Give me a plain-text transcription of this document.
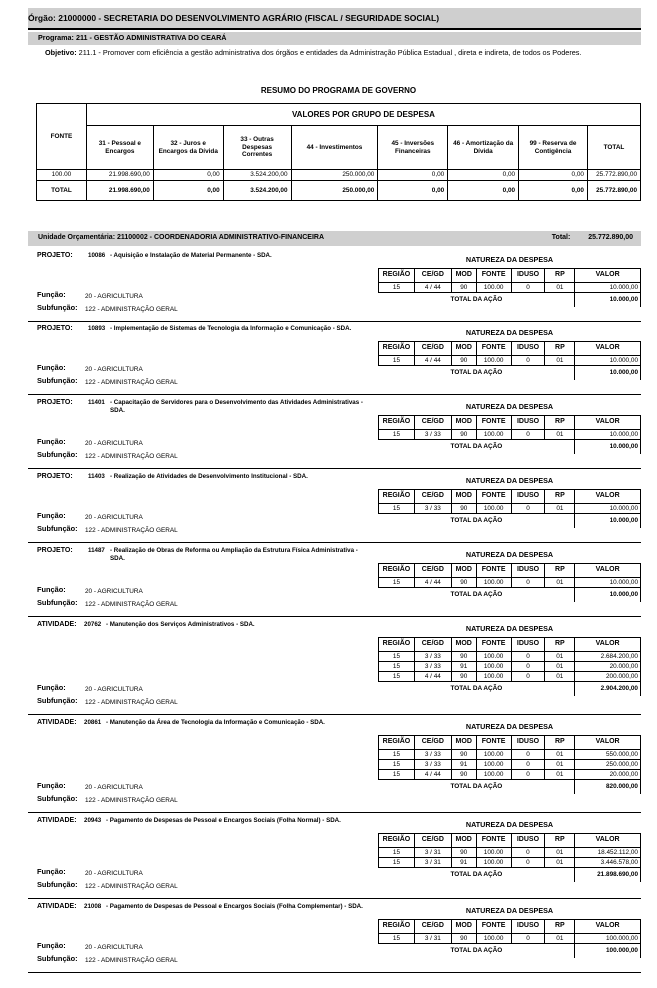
Órgão: 21000000 - SECRETARIA DO DESENVOLVIMENTO AGRÁRIO (FISCAL / SEGURIDADE SOCIAL)
Programa: 211 - GESTÃO ADMINISTRATIVA DO CEARÁ
Objetivo: 211.1 - Promover com eficiência a gestão administrativa dos órgãos e entidades da Administração Pública Estadual , direta e indireta, de todos os Poderes.
RESUMO DO PROGRAMA DE GOVERNO
FONTE	VALORES POR GRUPO DE DESPESA							
	31 - Pessoal e Encargos	32 - Juros e Encargos da Dívida	33 - Outras Despesas Correntes	44 - Investimentos	45 - Inversões Financeiras	46 - Amortização da Dívida	99 - Reserva de Contigência	TOTAL
100.00	21.998.690,00	0,00	3.524.200,00	250.000,00	0,00	0,00	0,00	25.772.890,00
TOTAL	21.998.690,00	0,00	3.524.200,00	250.000,00	0,00	0,00	0,00	25.772.890,00
Unidade Orçamentária: 21100002 - COORDENADORIA ADMINISTRATIVO-FINANCEIRA	Total:	25.772.890,00
PROJETO: 10086 - Aquisição e Instalação de Material Permanente - SDA.	NATUREZA DA DESPESA
REGIÃO	CE/GD	MOD	FONTE	IDUSO	RP	VALOR
15	4 / 44	90	100.00	0	01	10.000,00
TOTAL DA AÇÃO						10.000,00
Função:	20 - AGRICULTURA
Subfunção: 122 - ADMINISTRAÇÃO GERAL
PROJETO: 10893 - Implementação de Sistemas de Tecnologia da Informação e Comunicação - SDA.	NATUREZA DA DESPESA
REGIÃO	CE/GD	MOD	FONTE	IDUSO	RP	VALOR
15	4 / 44	90	100.00	0	01	10.000,00
TOTAL DA AÇÃO						10.000,00
Função:	20 - AGRICULTURA
Subfunção: 122 - ADMINISTRAÇÃO GERAL
PROJETO: 11401 - Capacitação de Servidores para o Desenvolvimento das Atividades Administrativas - SDA.	NATUREZA DA DESPESA
REGIÃO	CE/GD	MOD	FONTE	IDUSO	RP	VALOR
15	3 / 33	90	100.00	0	01	10.000,00
TOTAL DA AÇÃO						10.000,00
Função:	20 - AGRICULTURA
Subfunção: 122 - ADMINISTRAÇÃO GERAL
PROJETO: 11403 - Realização de Atividades de Desenvolvimento Institucional - SDA.	NATUREZA DA DESPESA
REGIÃO	CE/GD	MOD	FONTE	IDUSO	RP	VALOR
15	3 / 33	90	100.00	0	01	10.000,00
TOTAL DA AÇÃO						10.000,00
Função:	20 - AGRICULTURA
Subfunção: 122 - ADMINISTRAÇÃO GERAL
PROJETO: 11487 - Realização de Obras de Reforma ou Ampliação da Estrutura Física Administrativa - SDA.	NATUREZA DA DESPESA
REGIÃO	CE/GD	MOD	FONTE	IDUSO	RP	VALOR
15	4 / 44	90	100.00	0	01	10.000,00
TOTAL DA AÇÃO						10.000,00
Função:	20 - AGRICULTURA
Subfunção: 122 - ADMINISTRAÇÃO GERAL
ATIVIDADE: 20762 - Manutenção dos Serviços Administrativos - SDA.	NATUREZA DA DESPESA
REGIÃO	CE/GD	MOD	FONTE	IDUSO	RP	VALOR
15	3 / 33	90	100.00	0	01	2.684.200,00
15	3 / 33	91	100.00	0	01	20.000,00
15	4 / 44	90	100.00	0	01	200.000,00
TOTAL DA AÇÃO						2.904.200,00
Função:	20 - AGRICULTURA
Subfunção: 122 - ADMINISTRAÇÃO GERAL
ATIVIDADE: 20861 - Manutenção da Área de Tecnologia da Informação e Comunicação - SDA.	NATUREZA DA DESPESA
REGIÃO	CE/GD	MOD	FONTE	IDUSO	RP	VALOR
15	3 / 33	90	100.00	0	01	550.000,00
15	3 / 33	91	100.00	0	01	250.000,00
15	4 / 44	90	100.00	0	01	20.000,00
TOTAL DA AÇÃO						820.000,00
Função:	20 - AGRICULTURA
Subfunção: 122 - ADMINISTRAÇÃO GERAL
ATIVIDADE: 20943 - Pagamento de Despesas de Pessoal e Encargos Sociais (Folha Normal) - SDA.	NATUREZA DA DESPESA
REGIÃO	CE/GD	MOD	FONTE	IDUSO	RP	VALOR
15	3 / 31	90	100.00	0	01	18.452.112,00
15	3 / 31	91	100.00	0	01	3.446.578,00
TOTAL DA AÇÃO						21.898.690,00
Função:	20 - AGRICULTURA
Subfunção: 122 - ADMINISTRAÇÃO GERAL
ATIVIDADE: 21008 - Pagamento de Despesas de Pessoal e Encargos Sociais (Folha Complementar) - SDA.	NATUREZA DA DESPESA
REGIÃO	CE/GD	MOD	FONTE	IDUSO	RP	VALOR
15	3 / 31	90	100.00	0	01	100.000,00
TOTAL DA AÇÃO						100.000,00
Função:	20 - AGRICULTURA
Subfunção: 122 - ADMINISTRAÇÃO GERAL
